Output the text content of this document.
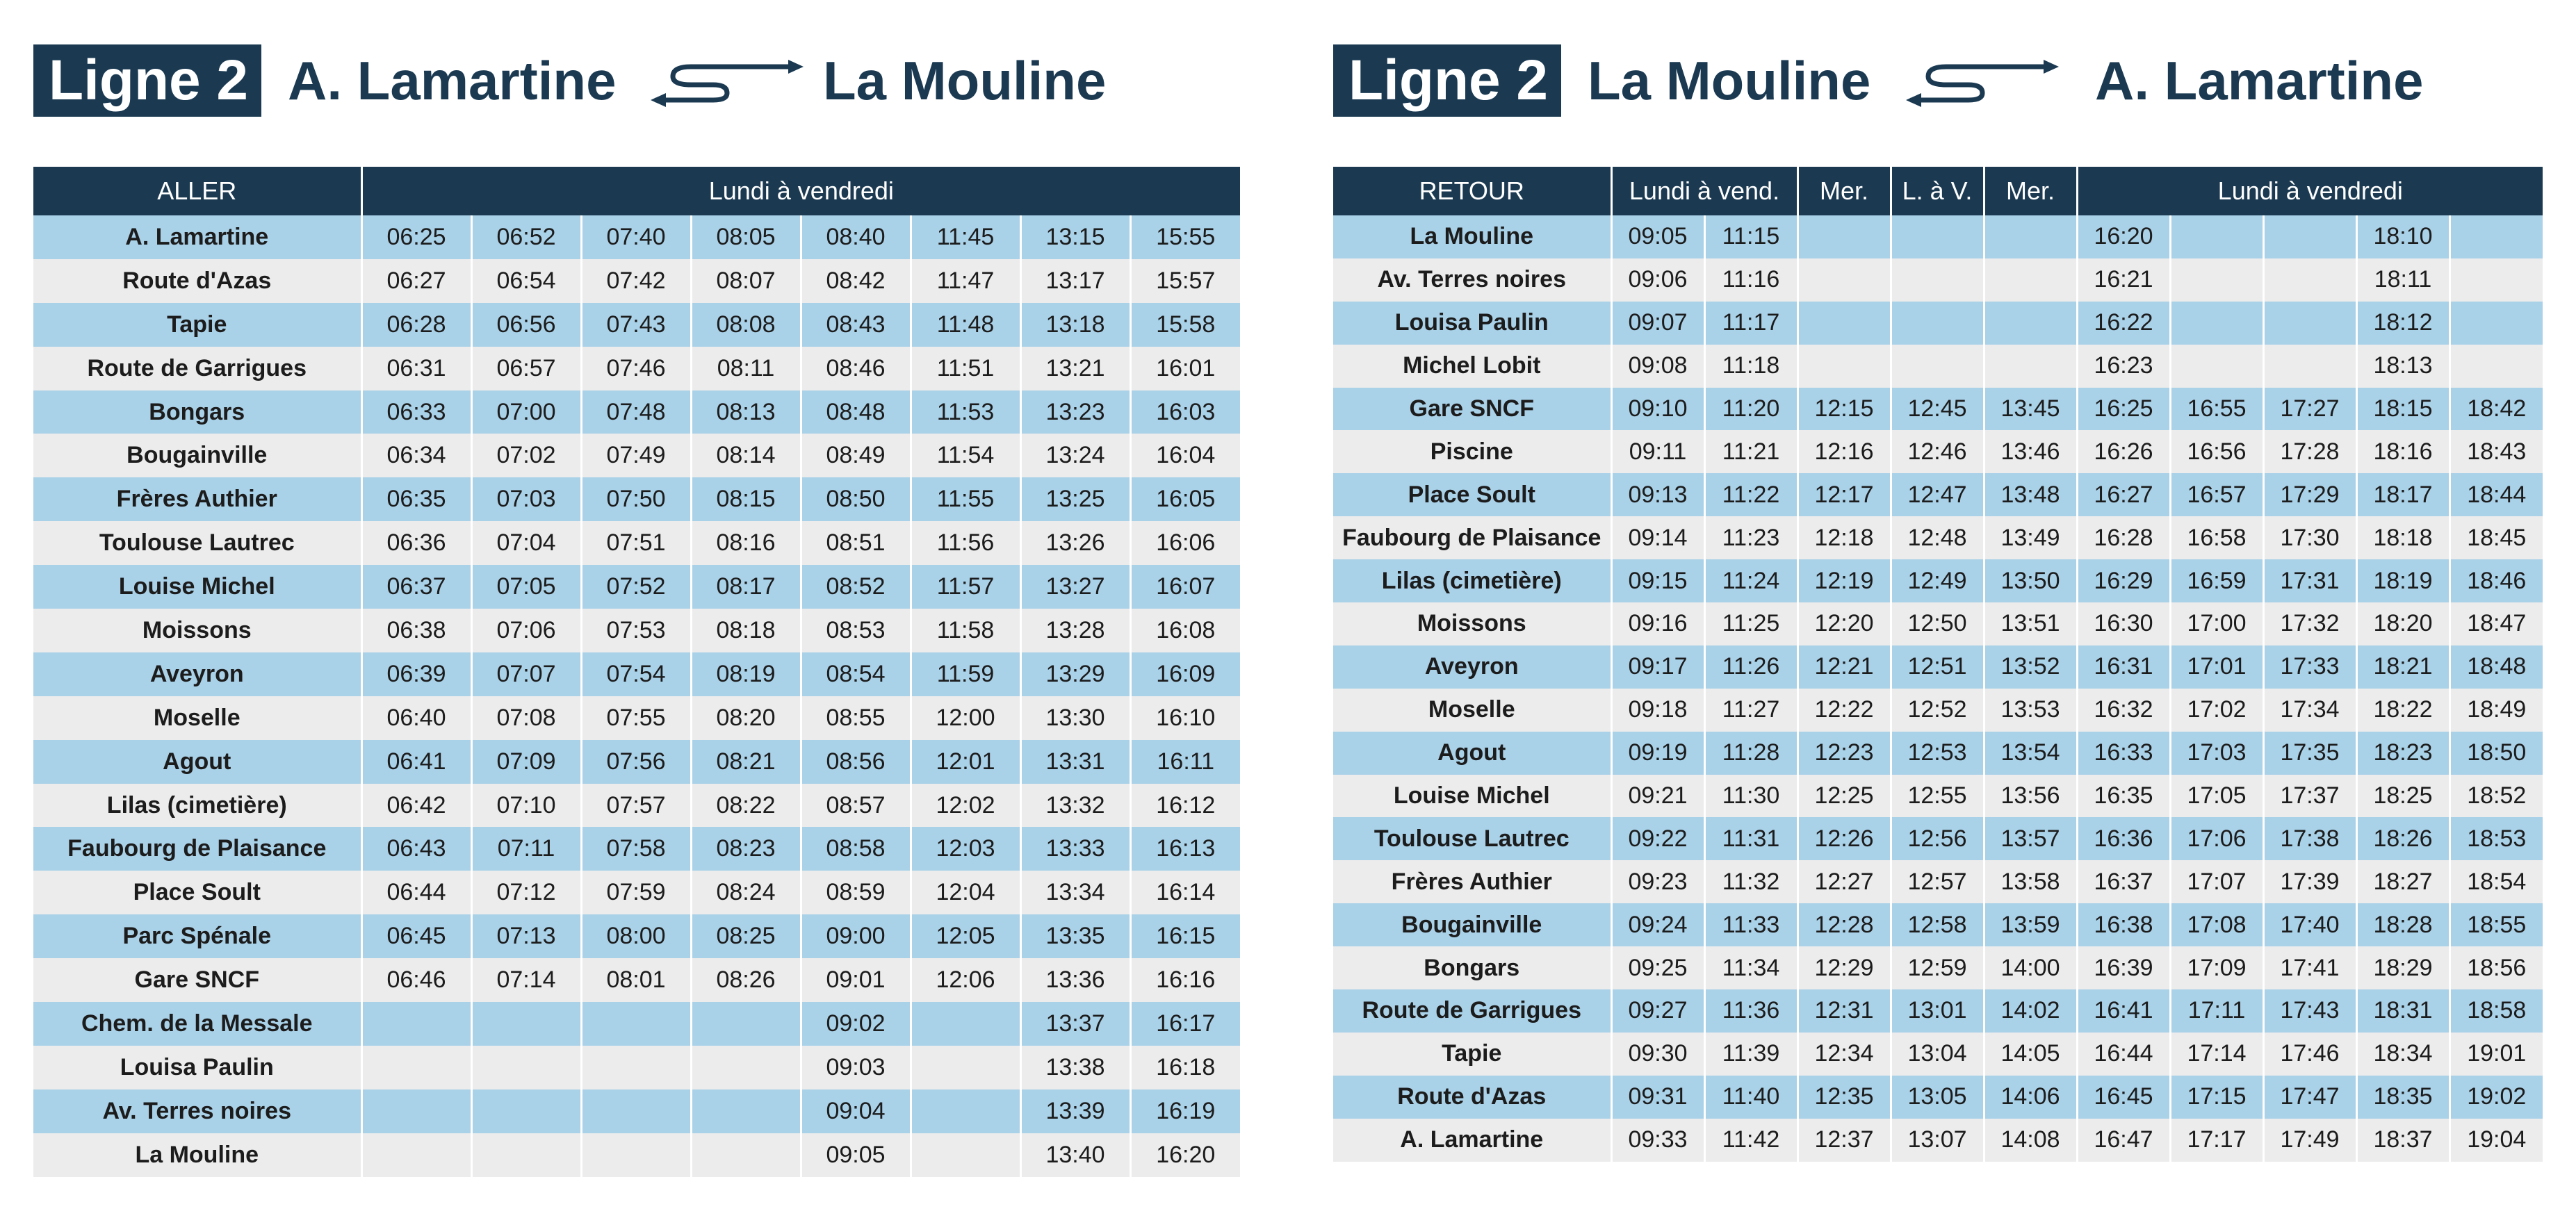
Ligne 2 A. Lamartine	La Mouline
ALLER	Lundi à vendredi							
A. Lamartine	06:25	06:52	07:40	08:05	08:40	11:45	13:15	15:55
Route d'Azas	06:27	06:54	07:42	08:07	08:42	11:47	13:17	15:57
Tapie	06:28	06:56	07:43	08:08	08:43	11:48	13:18	15:58
Route de Garrigues	06:31	06:57	07:46	08:11	08:46	11:51	13:21	16:01
Bongars	06:33	07:00	07:48	08:13	08:48	11:53	13:23	16:03
Bougainville	06:34	07:02	07:49	08:14	08:49	11:54	13:24	16:04
Frères Authier	06:35	07:03	07:50	08:15	08:50	11:55	13:25	16:05
Toulouse Lautrec	06:36	07:04	07:51	08:16	08:51	11:56	13:26	16:06
Louise Michel	06:37	07:05	07:52	08:17	08:52	11:57	13:27	16:07
Moissons	06:38	07:06	07:53	08:18	08:53	11:58	13:28	16:08
Aveyron	06:39	07:07	07:54	08:19	08:54	11:59	13:29	16:09
Moselle	06:40	07:08	07:55	08:20	08:55	12:00	13:30	16:10
Agout	06:41	07:09	07:56	08:21	08:56	12:01	13:31	16:11
Lilas (cimetière)	06:42	07:10	07:57	08:22	08:57	12:02	13:32	16:12
Faubourg de Plaisance	06:43	07:11	07:58	08:23	08:58	12:03	13:33	16:13
Place Soult	06:44	07:12	07:59	08:24	08:59	12:04	13:34	16:14
Parc Spénale	06:45	07:13	08:00	08:25	09:00	12:05	13:35	16:15
Gare SNCF	06:46	07:14	08:01	08:26	09:01	12:06	13:36	16:16
Chem. de la Messale					09:02		13:37	16:17
Louisa Paulin					09:03		13:38	16:18
Av. Terres noires					09:04		13:39	16:19
La Mouline					09:05		13:40	16:20
Ligne 2 La Mouline	A. Lamartine
RETOUR	Lundi à vend.		Mer.	L. à V.	Mer.	Lundi à vendredi				
La Mouline	09:05	11:15				16:20			18:10	
Av. Terres noires	09:06	11:16				16:21			18:11	
Louisa Paulin	09:07	11:17				16:22			18:12	
Michel Lobit	09:08	11:18				16:23			18:13	
Gare SNCF	09:10	11:20	12:15	12:45	13:45	16:25	16:55	17:27	18:15	18:42
Piscine	09:11	11:21	12:16	12:46	13:46	16:26	16:56	17:28	18:16	18:43
Place Soult	09:13	11:22	12:17	12:47	13:48	16:27	16:57	17:29	18:17	18:44
Faubourg de Plaisance	09:14	11:23	12:18	12:48	13:49	16:28	16:58	17:30	18:18	18:45
Lilas (cimetière)	09:15	11:24	12:19	12:49	13:50	16:29	16:59	17:31	18:19	18:46
Moissons	09:16	11:25	12:20	12:50	13:51	16:30	17:00	17:32	18:20	18:47
Aveyron	09:17	11:26	12:21	12:51	13:52	16:31	17:01	17:33	18:21	18:48
Moselle	09:18	11:27	12:22	12:52	13:53	16:32	17:02	17:34	18:22	18:49
Agout	09:19	11:28	12:23	12:53	13:54	16:33	17:03	17:35	18:23	18:50
Louise Michel	09:21	11:30	12:25	12:55	13:56	16:35	17:05	17:37	18:25	18:52
Toulouse Lautrec	09:22	11:31	12:26	12:56	13:57	16:36	17:06	17:38	18:26	18:53
Frères Authier	09:23	11:32	12:27	12:57	13:58	16:37	17:07	17:39	18:27	18:54
Bougainville	09:24	11:33	12:28	12:58	13:59	16:38	17:08	17:40	18:28	18:55
Bongars	09:25	11:34	12:29	12:59	14:00	16:39	17:09	17:41	18:29	18:56
Route de Garrigues	09:27	11:36	12:31	13:01	14:02	16:41	17:11	17:43	18:31	18:58
Tapie	09:30	11:39	12:34	13:04	14:05	16:44	17:14	17:46	18:34	19:01
Route d'Azas	09:31	11:40	12:35	13:05	14:06	16:45	17:15	17:47	18:35	19:02
A. Lamartine	09:33	11:42	12:37	13:07	14:08	16:47	17:17	17:49	18:37	19:04
